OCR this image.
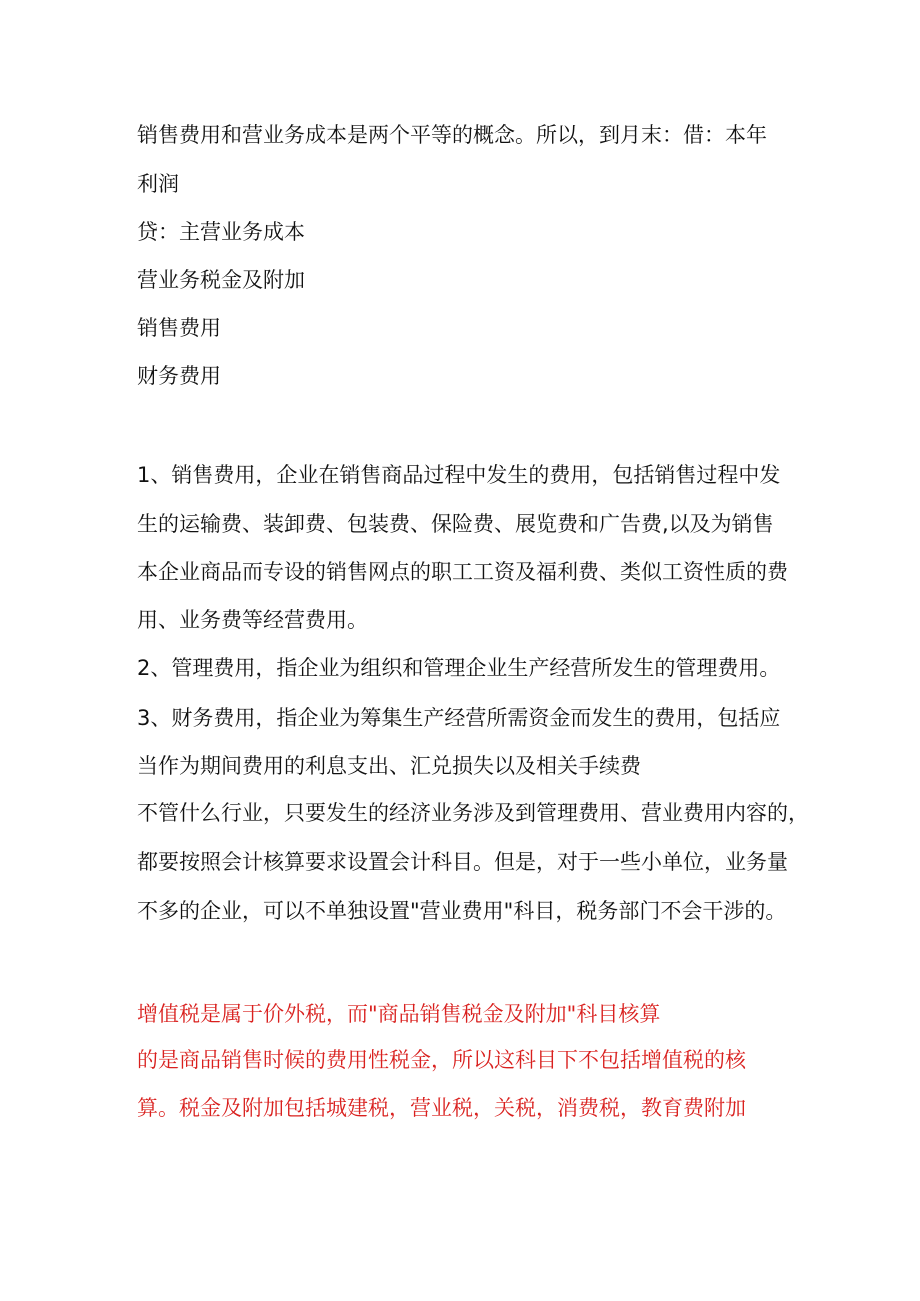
销售费用和营业务成本是两个平等的概念。所以，到月末：借：本年

利润

贷：主营业务成本

营业务税金及附加

销售费用

财务费用

1、销售费用，企业在销售商品过程中发生的费用，包括销售过程中发

生的运输费、装卸费、包装费、保险费、展览费和广告费,以及为销售

本企业商品而专设的销售网点的职工工资及福利费、类似工资性质的费

用、业务费等经营费用。

2、管理费用，指企业为组织和管理企业生产经营所发生的管理费用。

3、财务费用，指企业为筹集生产经营所需资金而发生的费用，包括应

当作为期间费用的利息支出、汇兑损失以及相关手续费

不管什么行业，只要发生的经济业务涉及到管理费用、营业费用内容的，

都要按照会计核算要求设置会计科目。但是，对于一些小单位，业务量

不多的企业，可以不单独设置"营业费用"科目，税务部门不会干涉的。

增值税是属于价外税，而"商品销售税金及附加"科目核算

的是商品销售时候的费用性税金，所以这科目下不包括增值税的核

算。税金及附加包括城建税，营业税，关税，消费税，教育费附加
